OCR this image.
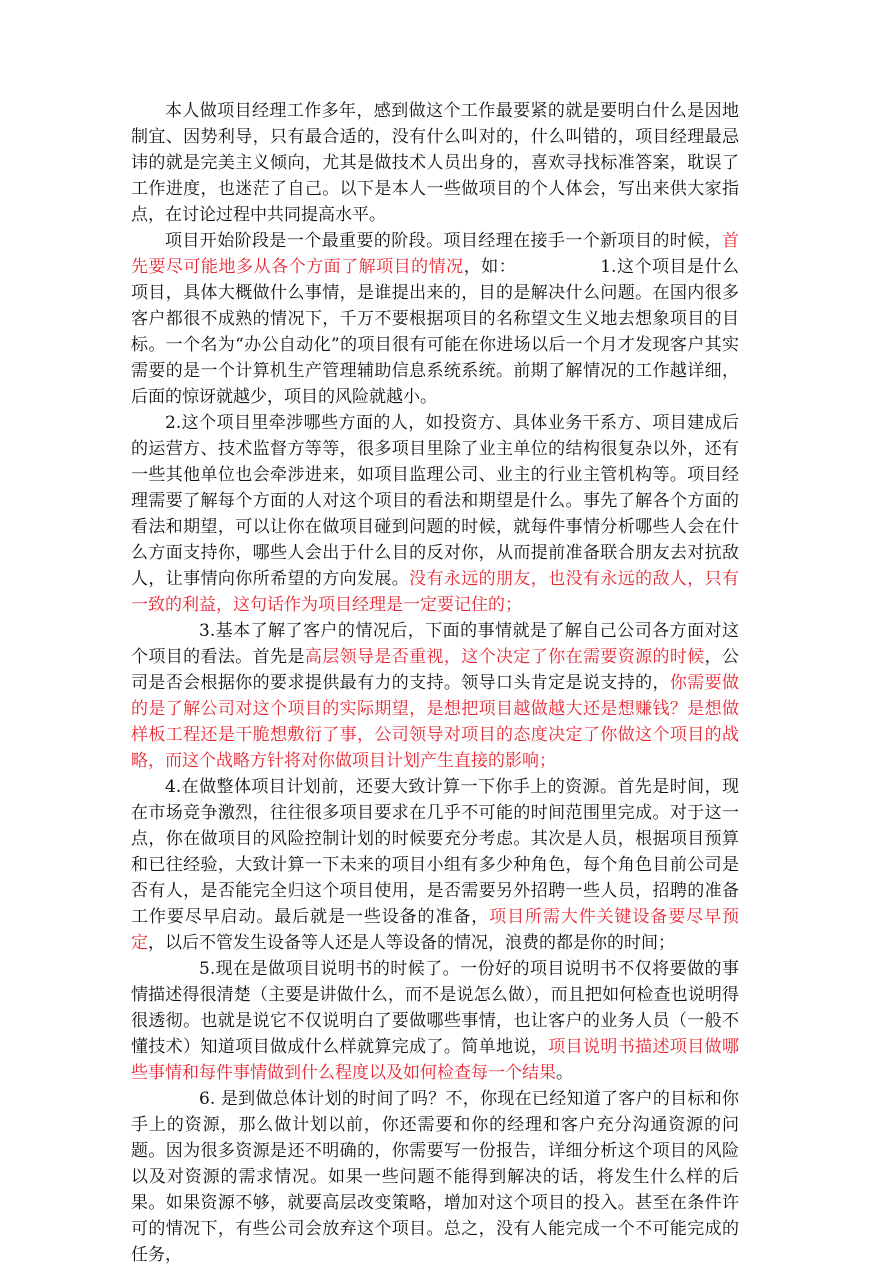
本人做项目经理工作多年，感到做这个工作最要紧的就是要明白什么是因地制宜、因势利导，只有最合适的，没有什么叫对的，什么叫错的，项目经理最忌讳的就是完美主义倾向，尤其是做技术人员出身的，喜欢寻找标准答案，耽误了工作进度，也迷茫了自己。以下是本人一些做项目的个人体会，写出来供大家指点，在讨论过程中共同提高水平。

项目开始阶段是一个最重要的阶段。项目经理在接手一个新项目的时候，首先要尽可能地多从各个方面了解项目的情况，如：	1.这个项目是什么项目，具体大概做什么事情，是谁提出来的，目的是解决什么问题。在国内很多客户都很不成熟的情况下，千万不要根据项目的名称望文生义地去想象项目的目标。一个名为“办公自动化”的项目很有可能在你进场以后一个月才发现客户其实需要的是一个计算机生产管理辅助信息系统系统。前期了解情况的工作越详细，后面的惊讶就越少，项目的风险就越小。

2.这个项目里牵涉哪些方面的人，如投资方、具体业务干系方、项目建成后的运营方、技术监督方等等，很多项目里除了业主单位的结构很复杂以外，还有一些其他单位也会牵涉进来，如项目监理公司、业主的行业主管机构等。项目经理需要了解每个方面的人对这个项目的看法和期望是什么。事先了解各个方面的看法和期望，可以让你在做项目碰到问题的时候，就每件事情分析哪些人会在什么方面支持你，哪些人会出于什么目的反对你，从而提前准备联合朋友去对抗敌人，让事情向你所希望的方向发展。没有永远的朋友，也没有永远的敌人，只有一致的利益，这句话作为项目经理是一定要记住的；

3.基本了解了客户的情况后，下面的事情就是了解自己公司各方面对这个项目的看法。首先是高层领导是否重视，这个决定了你在需要资源的时候，公司是否会根据你的要求提供最有力的支持。领导口头肯定是说支持的，你需要做的是了解公司对这个项目的实际期望，是想把项目越做越大还是想赚钱？是想做样板工程还是干脆想敷衍了事，公司领导对项目的态度决定了你做这个项目的战略，而这个战略方针将对你做项目计划产生直接的影响；

4.在做整体项目计划前，还要大致计算一下你手上的资源。首先是时间，现在市场竞争激烈，往往很多项目要求在几乎不可能的时间范围里完成。对于这一点，你在做项目的风险控制计划的时候要充分考虑。其次是人员，根据项目预算和已往经验，大致计算一下未来的项目小组有多少种角色，每个角色目前公司是否有人，是否能完全归这个项目使用，是否需要另外招聘一些人员，招聘的准备工作要尽早启动。最后就是一些设备的准备，项目所需大件关键设备要尽早预定，以后不管发生设备等人还是人等设备的情况，浪费的都是你的时间；

5.现在是做项目说明书的时候了。一份好的项目说明书不仅将要做的事情描述得很清楚（主要是讲做什么，而不是说怎么做），而且把如何检查也说明得很透彻。也就是说它不仅说明白了要做哪些事情，也让客户的业务人员（一般不懂技术）知道项目做成什么样就算完成了。简单地说，项目说明书描述项目做哪些事情和每件事情做到什么程度以及如何检查每一个结果。

6. 是到做总体计划的时间了吗？不，你现在已经知道了客户的目标和你手上的资源，那么做计划以前，你还需要和你的经理和客户充分沟通资源的问题。因为很多资源是还不明确的，你需要写一份报告，详细分析这个项目的风险以及对资源的需求情况。如果一些问题不能得到解决的话，将发生什么样的后果。如果资源不够，就要高层改变策略，增加对这个项目的投入。甚至在条件许可的情况下，有些公司会放弃这个项目。总之，没有人能完成一个不可能完成的任务，
